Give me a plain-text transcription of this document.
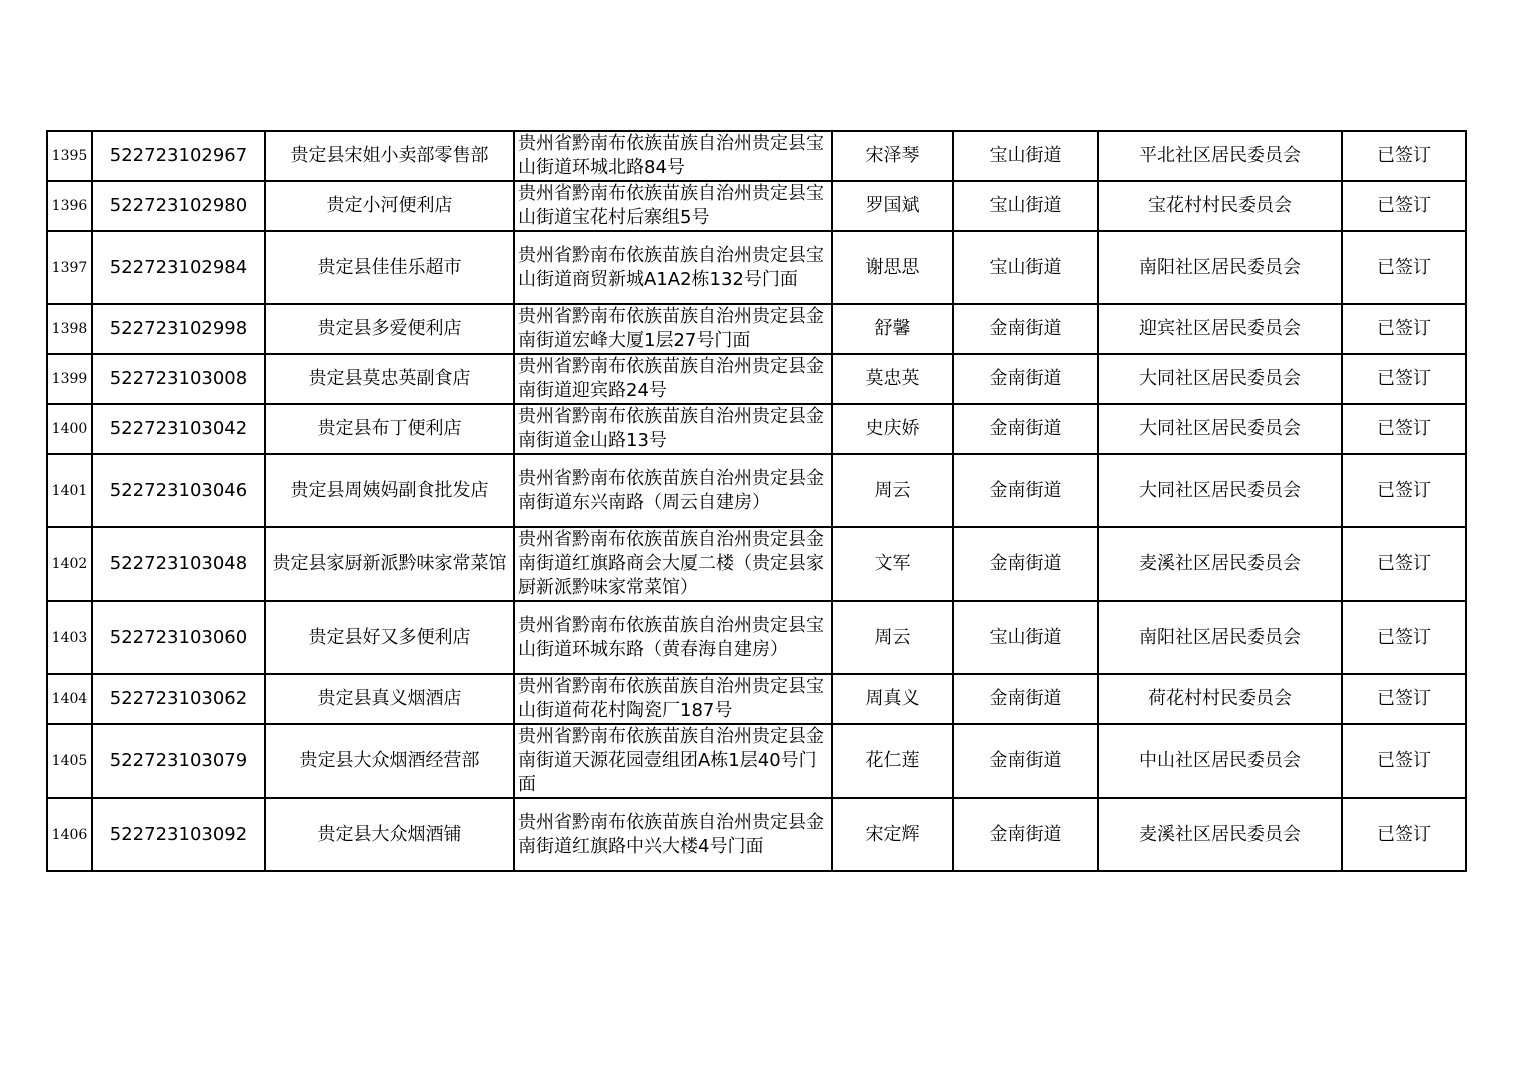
1395	522723102967	贵定县宋姐小卖部零售部	贵州省黔南布依族苗族自治州贵定县宝山街道环城北路84号	宋泽琴	宝山街道	平北社区居民委员会	已签订
1396	522723102980	贵定小河便利店	贵州省黔南布依族苗族自治州贵定县宝山街道宝花村后寨组5号	罗国斌	宝山街道	宝花村村民委员会	已签订
1397	522723102984	贵定县佳佳乐超市	贵州省黔南布依族苗族自治州贵定县宝山街道商贸新城A1A2栋132号门面	谢思思	宝山街道	南阳社区居民委员会	已签订
1398	522723102998	贵定县多爱便利店	贵州省黔南布依族苗族自治州贵定县金南街道宏峰大厦1层27号门面	舒馨	金南街道	迎宾社区居民委员会	已签订
1399	522723103008	贵定县莫忠英副食店	贵州省黔南布依族苗族自治州贵定县金南街道迎宾路24号	莫忠英	金南街道	大同社区居民委员会	已签订
1400	522723103042	贵定县布丁便利店	贵州省黔南布依族苗族自治州贵定县金南街道金山路13号	史庆娇	金南街道	大同社区居民委员会	已签订
1401	522723103046	贵定县周姨妈副食批发店	贵州省黔南布依族苗族自治州贵定县金南街道东兴南路（周云自建房）	周云	金南街道	大同社区居民委员会	已签订
1402	522723103048	贵定县家厨新派黔味家常菜馆	贵州省黔南布依族苗族自治州贵定县金南街道红旗路商会大厦二楼（贵定县家厨新派黔味家常菜馆）	文军	金南街道	麦溪社区居民委员会	已签订
1403	522723103060	贵定县好又多便利店	贵州省黔南布依族苗族自治州贵定县宝山街道环城东路（黄春海自建房）	周云	宝山街道	南阳社区居民委员会	已签订
1404	522723103062	贵定县真义烟酒店	贵州省黔南布依族苗族自治州贵定县宝山街道荷花村陶瓷厂187号	周真义	金南街道	荷花村村民委员会	已签订
1405	522723103079	贵定县大众烟酒经营部	贵州省黔南布依族苗族自治州贵定县金南街道天源花园壹组团A栋1层40号门面	花仁莲	金南街道	中山社区居民委员会	已签订
1406	522723103092	贵定县大众烟酒铺	贵州省黔南布依族苗族自治州贵定县金南街道红旗路中兴大楼4号门面	宋定辉	金南街道	麦溪社区居民委员会	已签订
